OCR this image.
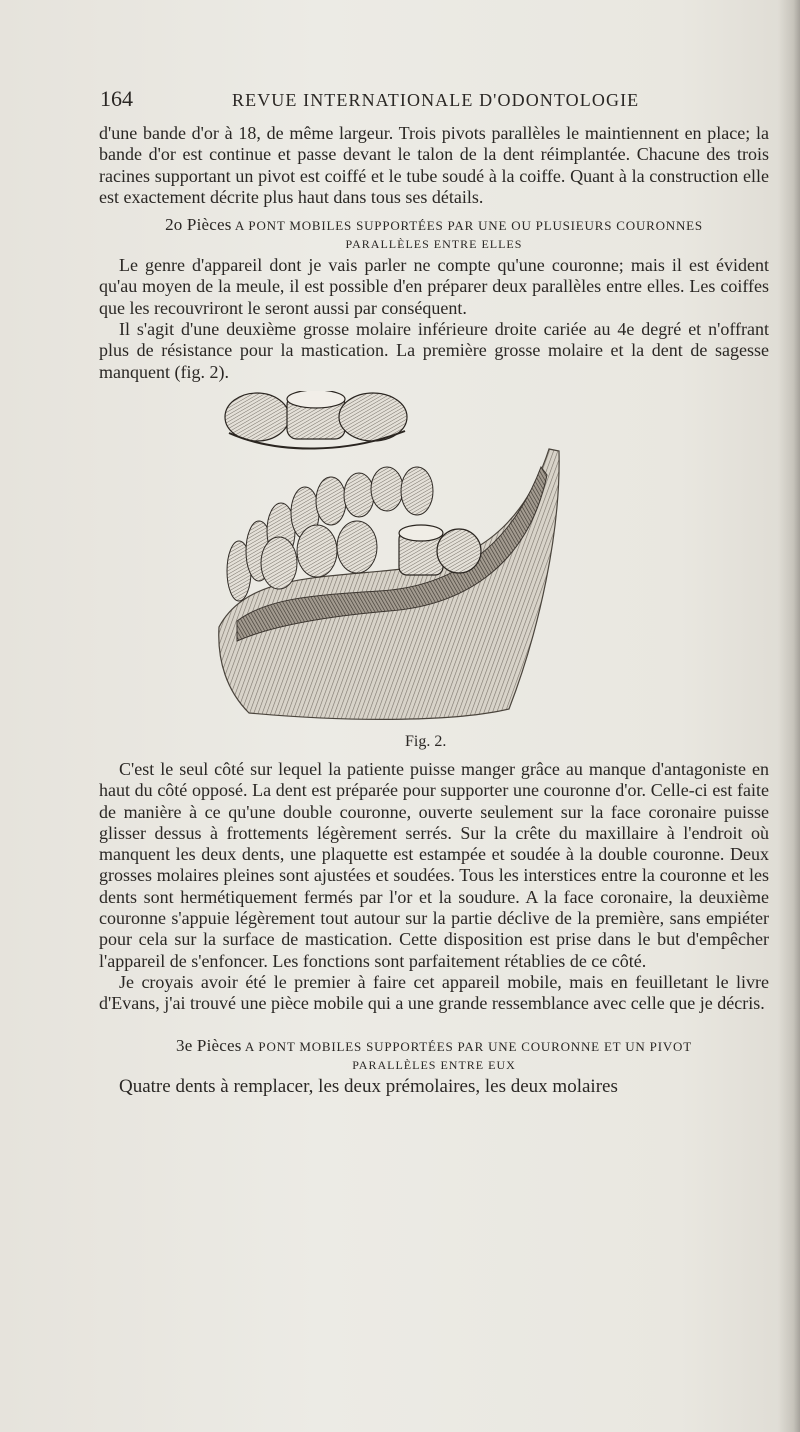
164	REVUE INTERNATIONALE D'ODONTOLOGIE

d'une bande d'or à 18, de même largeur. Trois pivots parallèles le maintiennent en place; la bande d'or est continue et passe devant le talon de la dent réimplantée. Chacune des trois racines supportant un pivot est coiffé et le tube soudé à la coiffe. Quant à la construction elle est exactement décrite plus haut dans tous ses détails.

2o Pièces A PONT MOBILES SUPPORTÉES PAR UNE OU PLUSIEURS COURONNES
PARALLÈLES ENTRE ELLES

Le genre d'appareil dont je vais parler ne compte qu'une couronne; mais il est évident qu'au moyen de la meule, il est possible d'en préparer deux parallèles entre elles. Les coiffes que les recouvriront le seront aussi par conséquent.

Il s'agit d'une deuxième grosse molaire inférieure droite cariée au 4e degré et n'offrant plus de résistance pour la mastication. La première grosse molaire et la dent de sagesse manquent (fig. 2).

Fig. 2.

C'est le seul côté sur lequel la patiente puisse manger grâce au manque d'antagoniste en haut du côté opposé. La dent est préparée pour supporter une couronne d'or. Celle-ci est faite de manière à ce qu'une double couronne, ouverte seulement sur la face coronaire puisse glisser dessus à frottements légèrement serrés. Sur la crête du maxillaire à l'endroit où manquent les deux dents, une plaquette est estampée et soudée à la double couronne. Deux grosses molaires pleines sont ajustées et soudées. Tous les interstices entre la couronne et les dents sont hermétiquement fermés par l'or et la soudure. A la face coronaire, la deuxième couronne s'appuie légèrement tout autour sur la partie déclive de la première, sans empiéter pour cela sur la surface de mastication. Cette disposition est prise dans le but d'empêcher l'appareil de s'enfoncer. Les fonctions sont parfaitement rétablies de ce côté.

Je croyais avoir été le premier à faire cet appareil mobile, mais en feuilletant le livre d'Evans, j'ai trouvé une pièce mobile qui a une grande ressemblance avec celle que je décris.

3e Pièces A PONT MOBILES SUPPORTÉES PAR UNE COURONNE ET UN PIVOT
PARALLÈLES ENTRE EUX

Quatre dents à remplacer, les deux prémolaires, les deux molaires
